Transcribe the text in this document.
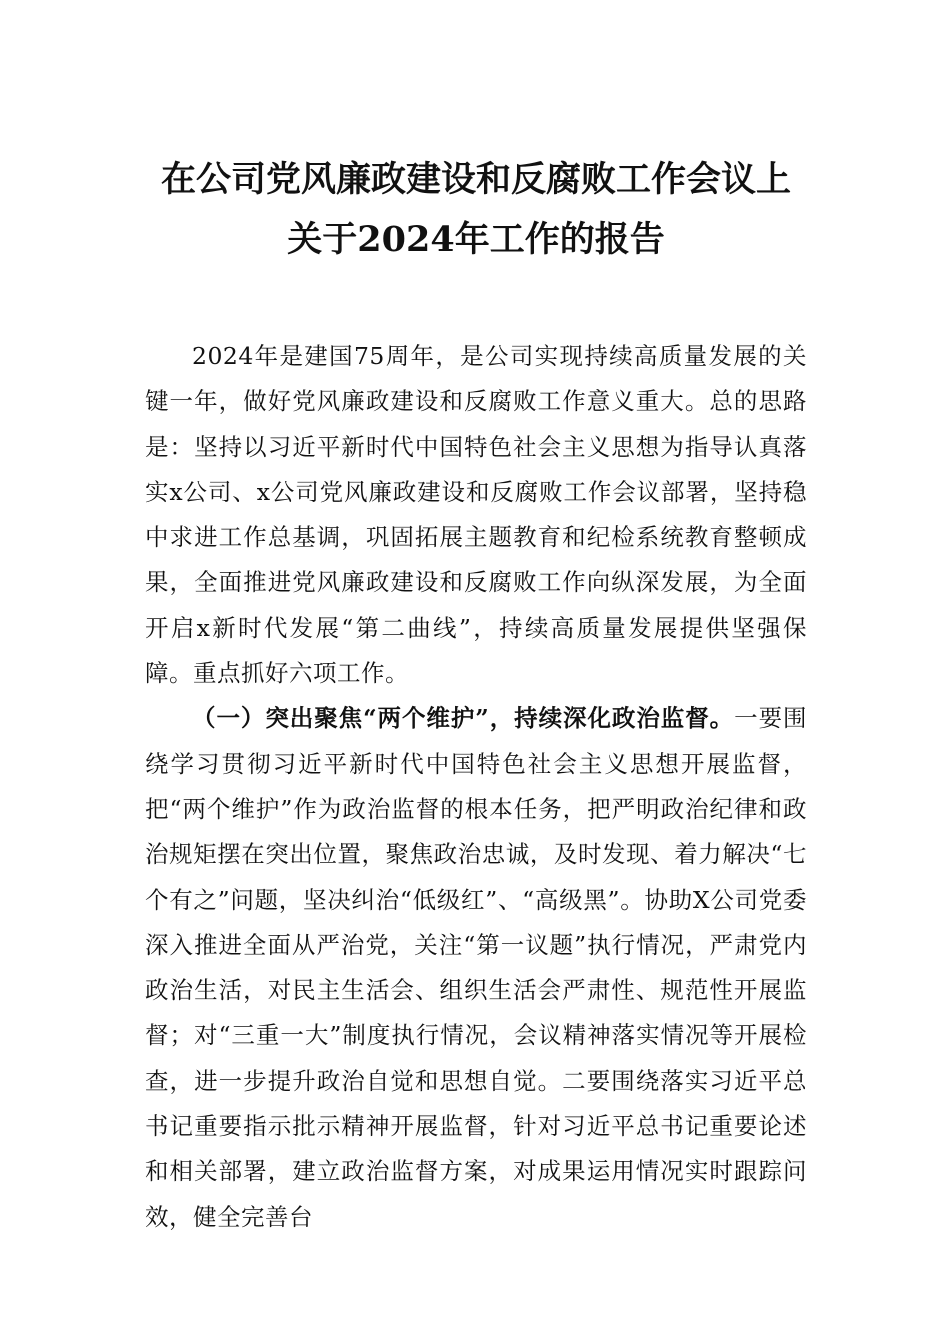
在公司党风廉政建设和反腐败工作会议上
关于2024年工作的报告

2024年是建国75周年，是公司实现持续高质量发展的关键一年，做好党风廉政建设和反腐败工作意义重大。总的思路是：坚持以习近平新时代中国特色社会主义思想为指导认真落实x公司、x公司党风廉政建设和反腐败工作会议部署，坚持稳中求进工作总基调，巩固拓展主题教育和纪检系统教育整顿成果，全面推进党风廉政建设和反腐败工作向纵深发展，为全面开启x新时代发展“第二曲线”，持续高质量发展提供坚强保障。重点抓好六项工作。

（一）突出聚焦“两个维护”，持续深化政治监督。一要围绕学习贯彻习近平新时代中国特色社会主义思想开展监督，把“两个维护”作为政治监督的根本任务，把严明政治纪律和政治规矩摆在突出位置，聚焦政治忠诚，及时发现、着力解决“七个有之”问题，坚决纠治“低级红”、“高级黑”。协助X公司党委深入推进全面从严治党，关注“第一议题”执行情况，严肃党内政治生活，对民主生活会、组织生活会严肃性、规范性开展监督；对“三重一大”制度执行情况，会议精神落实情况等开展检查，进一步提升政治自觉和思想自觉。二要围绕落实习近平总书记重要指示批示精神开展监督，针对习近平总书记重要论述和相关部署，建立政治监督方案，对成果运用情况实时跟踪问效，健全完善台
